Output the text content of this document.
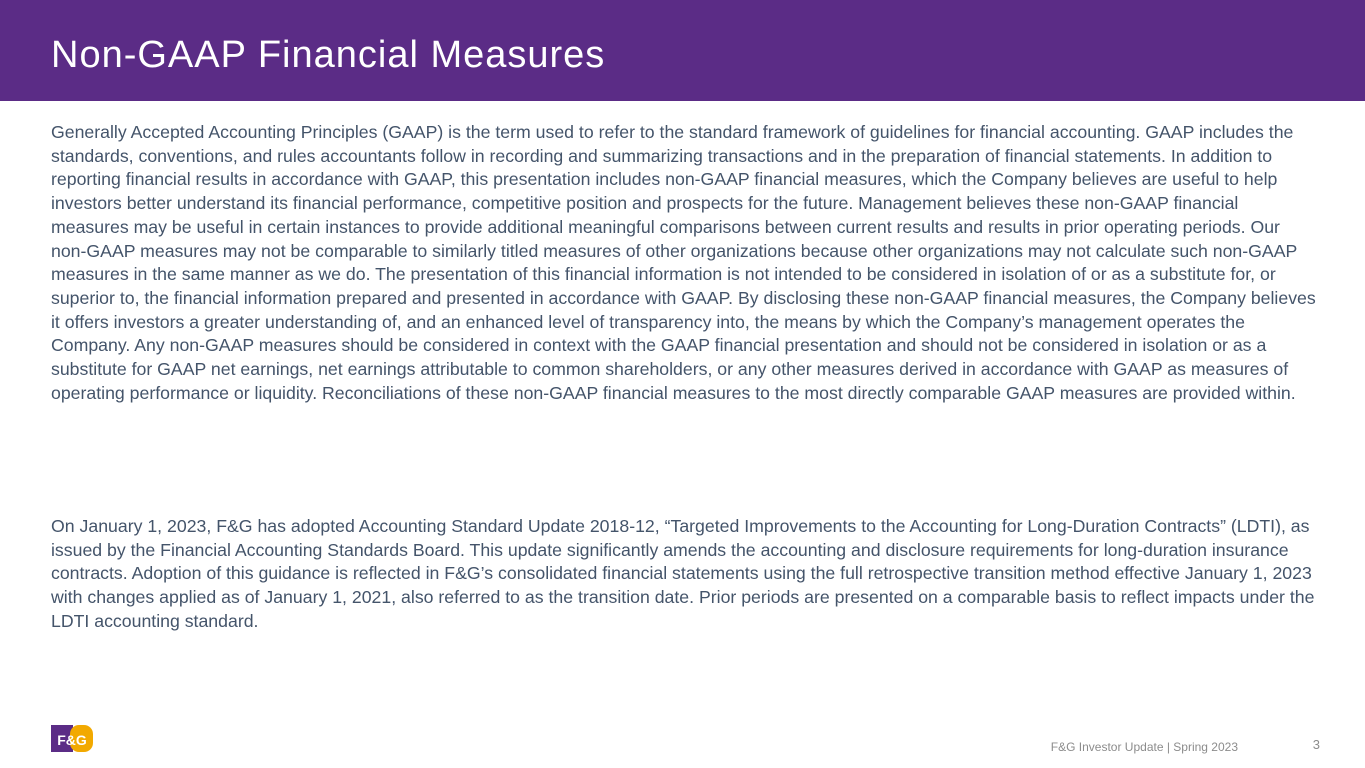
Non-GAAP Financial Measures

Generally Accepted Accounting Principles (GAAP) is the term used to refer to the standard framework of guidelines for financial accounting. GAAP includes the standards, conventions, and rules accountants follow in recording and summarizing transactions and in the preparation of financial statements. In addition to reporting financial results in accordance with GAAP, this presentation includes non-GAAP financial measures, which the Company believes are useful to help investors better understand its financial performance, competitive position and prospects for the future. Management believes these non-GAAP financial measures may be useful in certain instances to provide additional meaningful comparisons between current results and results in prior operating periods. Our non-GAAP measures may not be comparable to similarly titled measures of other organizations because other organizations may not calculate such non-GAAP measures in the same manner as we do. The presentation of this financial information is not intended to be considered in isolation of or as a substitute for, or superior to, the financial information prepared and presented in accordance with GAAP. By disclosing these non-GAAP financial measures, the Company believes it offers investors a greater understanding of, and an enhanced level of transparency into, the means by which the Company’s management operates the Company. Any non-GAAP measures should be considered in context with the GAAP financial presentation and should not be considered in isolation or as a substitute for GAAP net earnings, net earnings attributable to common shareholders, or any other measures derived in accordance with GAAP as measures of operating performance or liquidity. Reconciliations of these non-GAAP financial measures to the most directly comparable GAAP measures are provided within.

On January 1, 2023, F&G has adopted Accounting Standard Update 2018-12, “Targeted Improvements to the Accounting for Long-Duration Contracts” (LDTI), as issued by the Financial Accounting Standards Board. This update significantly amends the accounting and disclosure requirements for long-duration insurance contracts. Adoption of this guidance is reflected in F&G’s consolidated financial statements using the full retrospective transition method effective January 1, 2023 with changes applied as of January 1, 2021, also referred to as the transition date. Prior periods are presented on a comparable basis to reflect impacts under the LDTI accounting standard.

F&G	F&G Investor Update | Spring 2023	3
